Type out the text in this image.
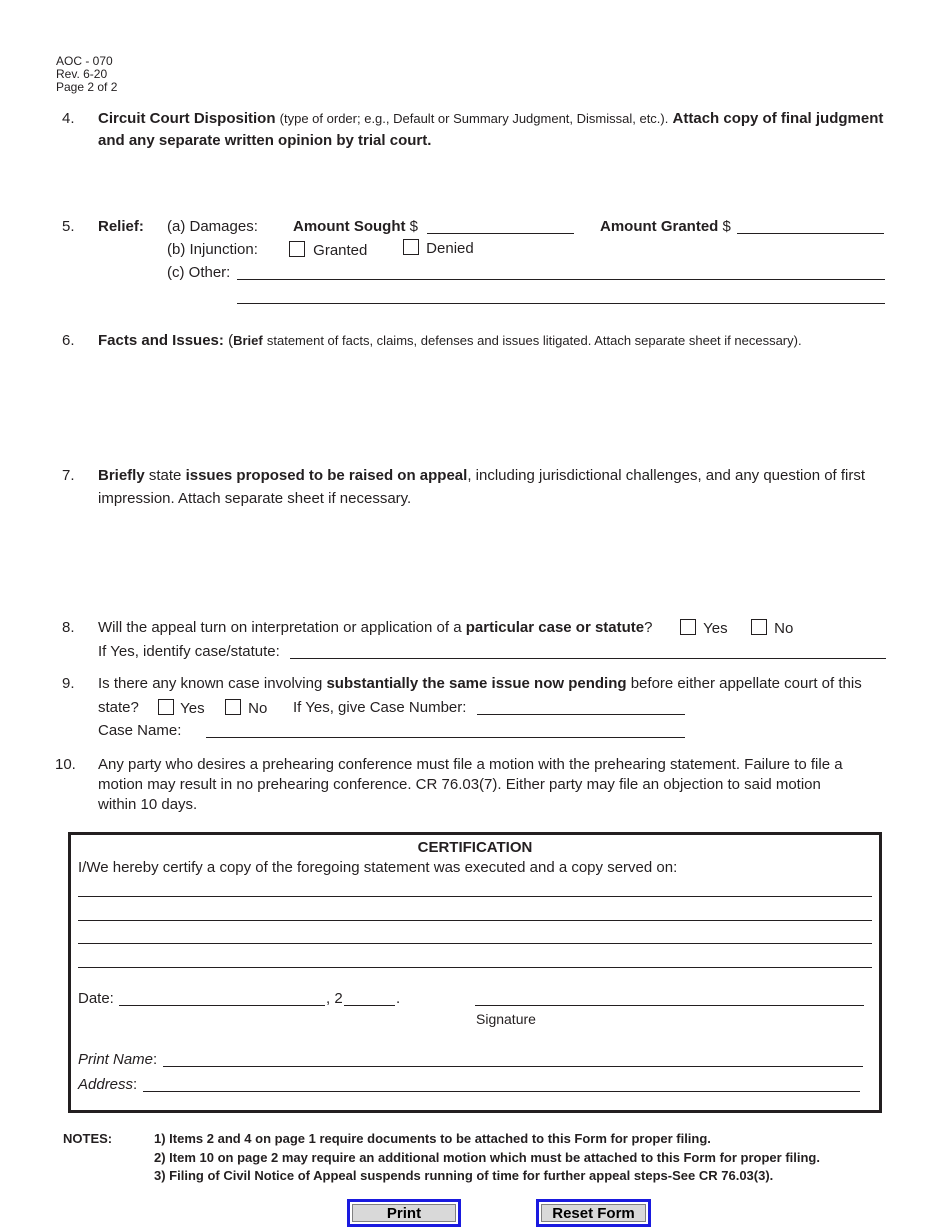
AOC - 070
Rev. 6-20
Page 2 of 2
4. Circuit Court Disposition (type of order; e.g., Default or Summary Judgment, Dismissal, etc.). Attach copy of final judgment
and any separate written opinion by trial court.
5. Relief: (a) Damages: Amount Sought $	Amount Granted $
(b) Injunction:	Granted	Denied
(c) Other:
6. Facts and Issues: (Brief statement of facts, claims, defenses and issues litigated. Attach separate sheet if necessary).
7. Briefly state issues proposed to be raised on appeal, including jurisdictional challenges, and any question of first
impression. Attach separate sheet if necessary.
8. Will the appeal turn on interpretation or application of a particular case or statute?	Yes	No
If Yes, identify case/statute:
9. Is there any known case involving substantially the same issue now pending before either appellate court of this
state?	Yes	No If Yes, give Case Number:
Case Name:
10. Any party who desires a prehearing conference must file a motion with the prehearing statement. Failure to file a
motion may result in no prehearing conference. CR 76.03(7). Either party may file an objection to said motion
within 10 days.
CERTIFICATION
I/We hereby certify a copy of the foregoing statement was executed and a copy served on:
Date:	, 2	.
Signature
Print Name:
Address:
NOTES:	1) Items 2 and 4 on page 1 require documents to be attached to this Form for proper filing.
2) Item 10 on page 2 may require an additional motion which must be attached to this Form for proper filing.
3) Filing of Civil Notice of Appeal suspends running of time for further appeal steps-See CR 76.03(3).
Print	Reset Form
